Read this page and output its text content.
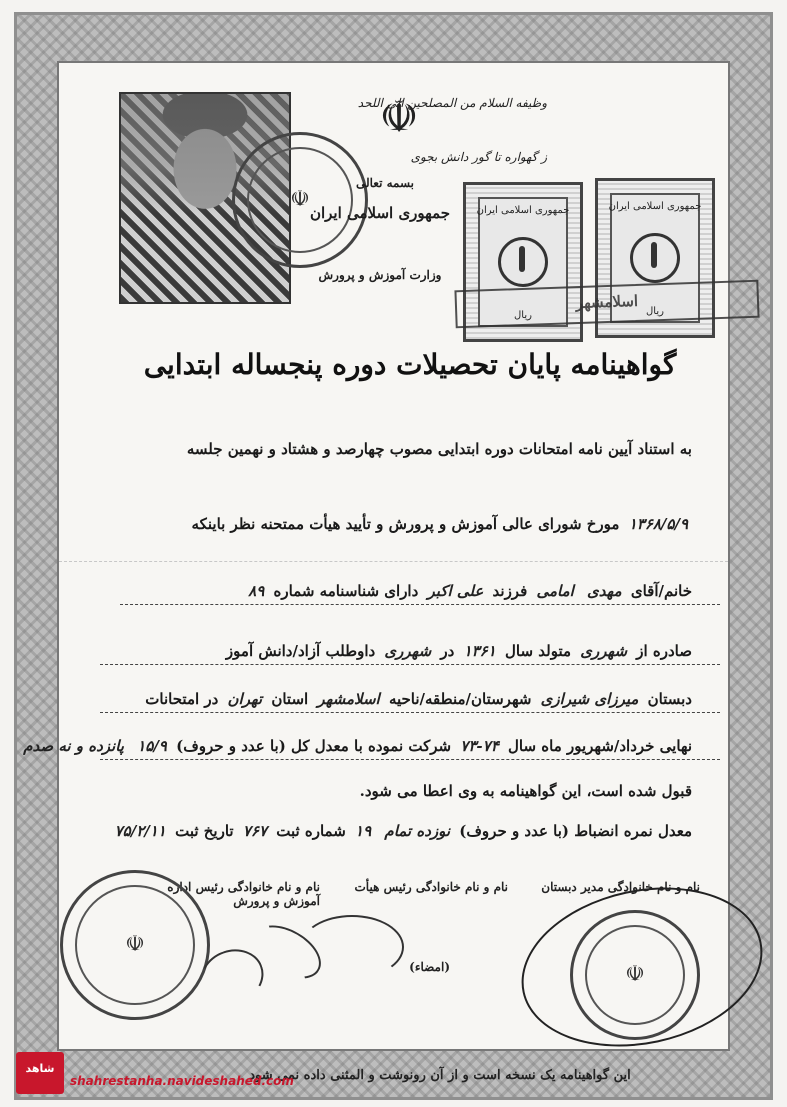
☫
☫
وظیفه السلام من المصلحین الی اللحد
ز گهواره تا گور دانش بجوی
بسمه تعالی
جمهوری اسلامی ایران
وزارت آموزش و پرورش
جمهوری اسلامی ایران
ریال
جمهوری اسلامی ایران
ریال
اسلامشهر
گواهینامه پایان تحصیلات دوره پنجساله ابتدایی
به استناد آیین نامه امتحانات دوره ابتدایی مصوب چهارصد و هشتاد و نهمین جلسه
۱۳۶۸/۵/۹ مورخ شورای عالی آموزش و پرورش و تأیید هیأت ممتحنه نظر باینکه
خانم/آقای مهدی امامی فرزند علی اکبر دارای شناسنامه شماره ۸۹
صادره از شهرری متولد سال ۱۳۶۱ در شهرری داوطلب آزاد/دانش آموز
دبستان میرزای شیرازی شهرستان/منطقه/ناحیه اسلامشهر استان تهران در امتحانات
نهایی خرداد/شهریور ماه سال ۷۴-۷۳ شرکت نموده با معدل کل (با عدد و حروف) ۱۵/۹ پانزده و نه صدم
قبول شده است، این گواهینامه به وی اعطا می شود.
معدل نمره انضباط (با عدد و حروف) نوزده تمام ۱۹ شماره ثبت ۷۶۷ تاریخ ثبت ۷۵/۲/۱۱
نام و نام خانوادگی مدیر دبستان
نام و نام خانوادگی رئیس هیأت
نام و نام خانوادگی رئیس اداره آموزش و پرورش
(امضاء)
☫
☫
این گواهینامه یک نسخه است و از آن رونوشت و المثنی داده نمی شود
شاهد
shahrestanha.navideshahed.com
